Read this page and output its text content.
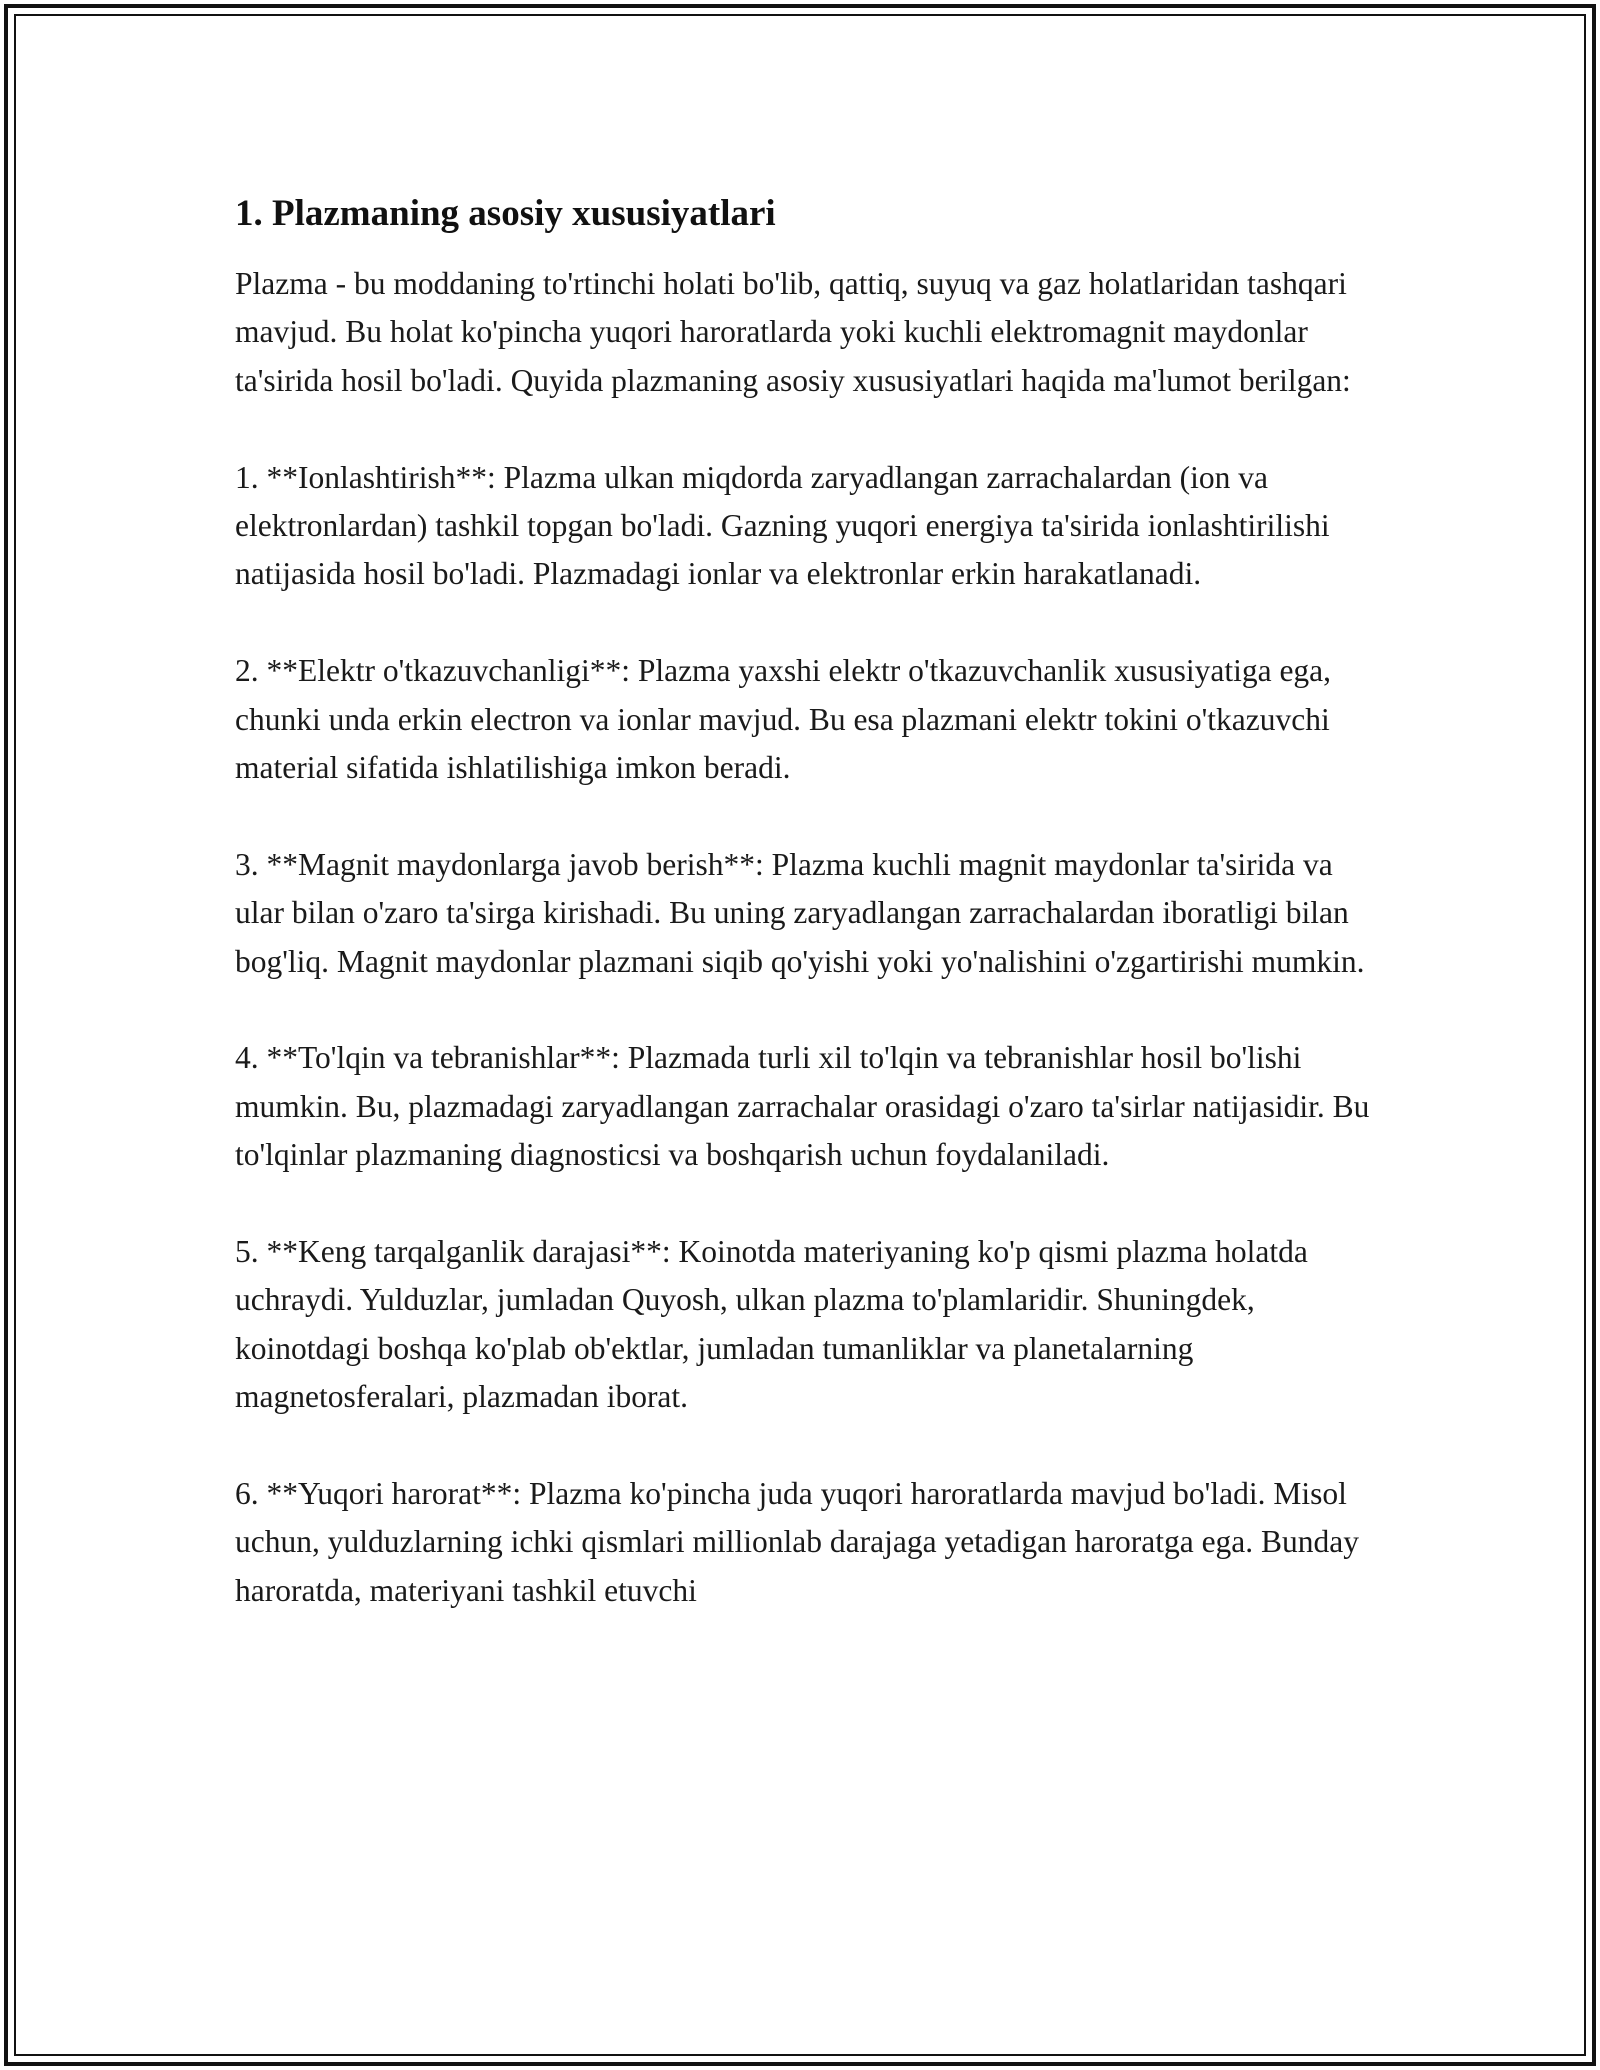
1. Plazmaning asosiy xususiyatlari

Plazma - bu moddaning to'rtinchi holati bo'lib, qattiq, suyuq va gaz holatlaridan tashqari mavjud. Bu holat ko'pincha yuqori haroratlarda yoki kuchli elektromagnit maydonlar ta'sirida hosil bo'ladi. Quyida plazmaning asosiy xususiyatlari haqida ma'lumot berilgan:

1. **Ionlashtirish**: Plazma ulkan miqdorda zaryadlangan zarrachalardan (ion va elektronlardan) tashkil topgan bo'ladi. Gazning yuqori energiya ta'sirida ionlashtirilishi natijasida hosil bo'ladi. Plazmadagi ionlar va elektronlar erkin harakatlanadi.

2. **Elektr o'tkazuvchanligi**: Plazma yaxshi elektr o'tkazuvchanlik xususiyatiga ega, chunki unda erkin electron va ionlar mavjud. Bu esa plazmani elektr tokini o'tkazuvchi material sifatida ishlatilishiga imkon beradi.

3. **Magnit maydonlarga javob berish**: Plazma kuchli magnit maydonlar ta'sirida va ular bilan o'zaro ta'sirga kirishadi. Bu uning zaryadlangan zarrachalardan iboratligi bilan bog'liq. Magnit maydonlar plazmani siqib qo'yishi yoki yo'nalishini o'zgartirishi mumkin.

4. **To'lqin va tebranishlar**: Plazmada turli xil to'lqin va tebranishlar hosil bo'lishi mumkin. Bu, plazmadagi zaryadlangan zarrachalar orasidagi o'zaro ta'sirlar natijasidir. Bu to'lqinlar plazmaning diagnosticsi va boshqarish uchun foydalaniladi.

5. **Keng tarqalganlik darajasi**: Koinotda materiyaning ko'p qismi plazma holatda uchraydi. Yulduzlar, jumladan Quyosh, ulkan plazma to'plamlaridir. Shuningdek, koinotdagi boshqa ko'plab ob'ektlar, jumladan tumanliklar va planetalarning magnetosferalari, plazmadan iborat.

6. **Yuqori harorat**: Plazma ko'pincha juda yuqori haroratlarda mavjud bo'ladi. Misol uchun, yulduzlarning ichki qismlari millionlab darajaga yetadigan haroratga ega. Bunday haroratda, materiyani tashkil etuvchi
